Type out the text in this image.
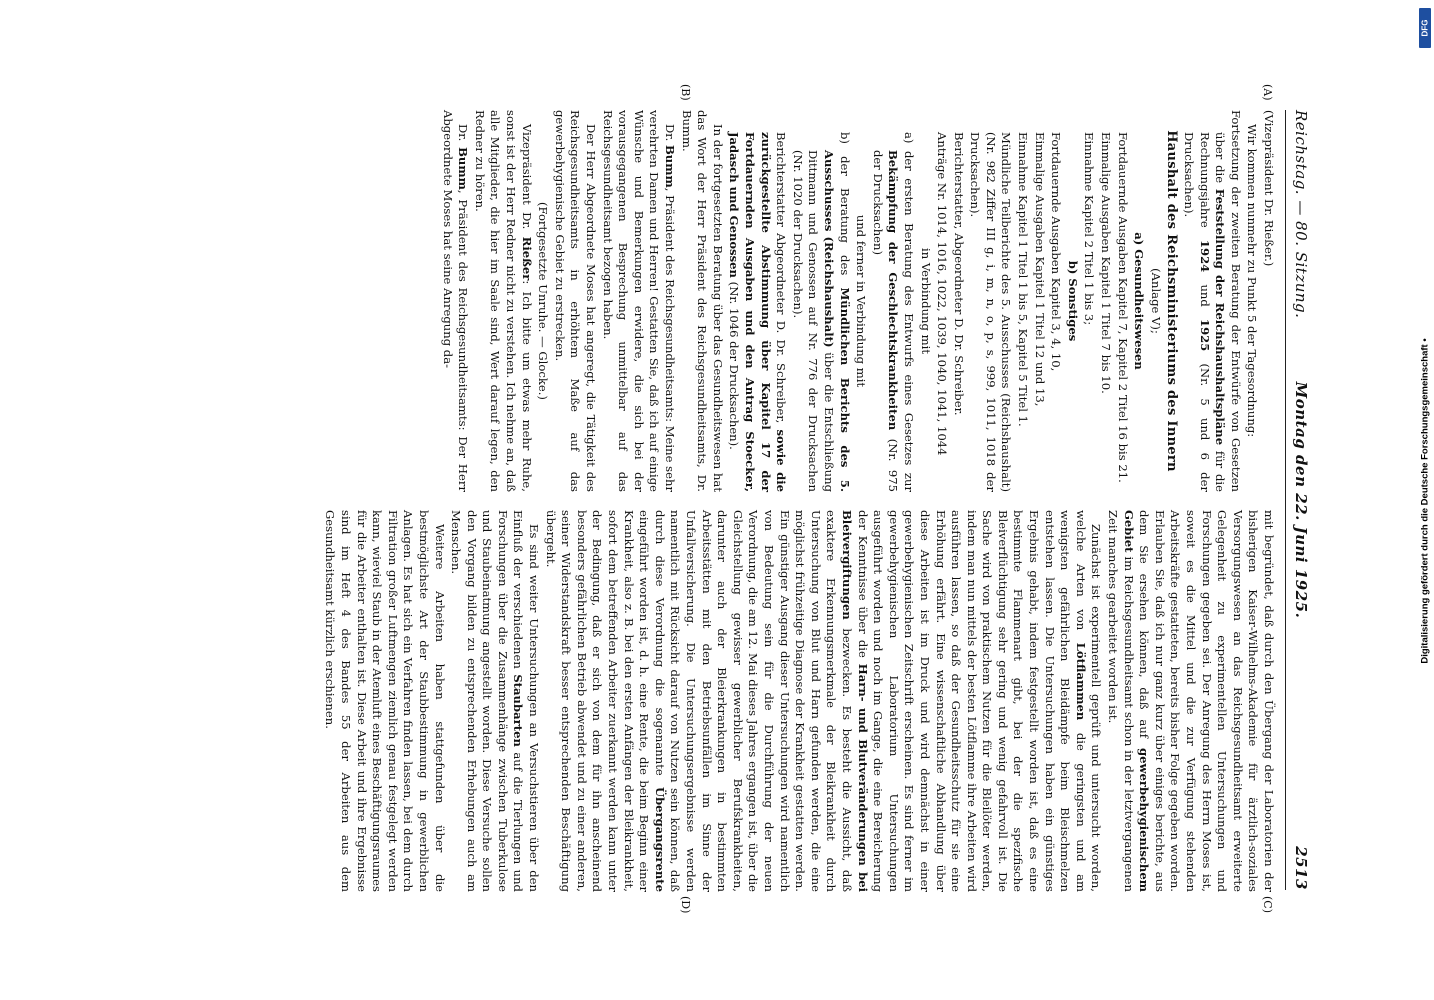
Reichstag. — 80. Sitzung.
Montag den 22. Juni 1925.
2513
(A)
(B)
(C)
(D)

(Vizepräsident Dr. Rießer.)

Wir kommen nunmehr zu Punkt 5 der Tagesordnung:

Fortsetzung der zweiten Beratung der Entwürfe von Gesetzen über die Feststellung der Reichshaushaltspläne für die Rechnungsjahre 1924 und 1925 (Nr. 5 und 6 der Drucksachen).

Haushalt des Reichsministeriums des Innern

(Anlage V);

a) Gesundheitswesen

Fortdauernde Ausgaben Kapitel 7, Kapitel 2 Titel 16 bis 21.

Einmalige Ausgaben Kapitel 1 Titel 7 bis 10.

Einnahme Kapitel 2 Titel 1 bis 3;

b) Sonstiges

Fortdauernde Ausgaben Kapitel 3, 4, 10,

Einmalige Ausgaben Kapitel 1 Titel 12 und 13,

Einnahme Kapitel 1 Titel 1 bis 5, Kapitel 5 Titel 1.

Mündliche Teilberichte des 5. Ausschusses (Reichshaushalt) (Nr. 982 Ziffer III g, i, m, n, o, p, s, 999, 1011, 1018 der Drucksachen).

Berichterstatter, Abgeordneter D. Dr. Schreiber.

Anträge Nr. 1014, 1016, 1022, 1039, 1040, 1041, 1044

in Verbindung mit

a) der ersten Beratung des Entwurfs eines Gesetzes zur Bekämpfung der Geschlechtskrankheiten (Nr. 975 der Drucksachen)

und ferner in Verbindung mit

b) der Beratung des Mündlichen Berichts des 5. Ausschusses (Reichshaushalt) über die Entschließung Dittmann und Genossen auf Nr. 776 der Drucksachen (Nr. 1020 der Drucksachen).

Berichterstatter Abgeordneter D. Dr. Schreiber, sowie die zurückgestellte Abstimmung über Kapitel 17 der Fortdauernden Ausgaben und den Antrag Stoecker, Jadasch und Genossen (Nr. 1046 der Drucksachen).

In der fortgesetzten Beratung über das Gesundheitswesen hat das Wort der Herr Präsident des Reichsgesundheitsamts, Dr. Bumm.

Dr. Bumm, Präsident des Reichsgesundheitsamts: Meine sehr verehrten Damen und Herren! Gestatten Sie, daß ich auf einige Wünsche und Bemerkungen erwidere, die sich bei der vorausgegangenen Besprechung unmittelbar auf das Reichsgesundheitsamt bezogen haben.

Der Herr Abgeordnete Moses hat angeregt, die Tätigkeit des Reichsgesundheitsamts in erhöhtem Maße auf das gewerbehygienische Gebiet zu erstrecken.

(Fortgesetzte Unruhe. — Glocke.)

Vizepräsident Dr. Rießer: Ich bitte um etwas mehr Ruhe, sonst ist der Herr Redner nicht zu verstehen. Ich nehme an, daß alle Mitglieder, die hier im Saale sind, Wert darauf legen, den Redner zu hören.

Dr. Bumm, Präsident des Reichsgesundheitsamts: Der Herr Abgeordnete Moses hat seine Anregung da-

mit begründet, daß durch den Übergang der Laboratorien der bisherigen Kaiser-Wilhelms-Akademie für ärztlich-soziales Versorgungswesen an das Reichsgesundheitsamt erweiterte Gelegenheit zu experimentellen Untersuchungen und Forschungen gegeben sei. Der Anregung des Herrn Moses ist, soweit es die Mittel und die zur Verfügung stehenden Arbeitskräfte gestatteten, bereits bisher Folge gegeben worden. Erlauben Sie, daß ich nur ganz kurz über einiges berichte, aus dem Sie ersehen können, daß auf gewerbehygienischem Gebiet im Reichsgesundheitsamt schon in der letztvergangenen Zeit manches gearbeitet worden ist.

Zunächst ist experimentell geprüft und untersucht worden, welche Arten von Lötflammen die geringsten und am wenigsten gefährlichen Bleidämpfe beim Bleischmelzen entstehen lassen. Die Untersuchungen haben ein günstiges Ergebnis gehabt, indem festgestellt worden ist, daß es eine bestimmte Flammenart gibt, bei der die spezifische Bleiverflüchtigung sehr gering und wenig gefahrvoll ist. Die Sache wird von praktischem Nutzen für die Bleilöter werden, indem man nun mittels der besten Lötflamme ihre Arbeiten wird ausführen lassen, so daß der Gesundheitsschutz für sie eine Erhöhung erfährt. Eine wissenschaftliche Abhandlung über diese Arbeiten ist im Druck und wird demnächst in einer gewerbehygienischen Zeitschrift erscheinen. Es sind ferner im gewerbehygienischen Laboratorium Untersuchungen ausgeführt worden und noch im Gange, die eine Bereicherung der Kenntnisse über die Harn- und Blutveränderungen bei Bleivergiftungen bezwecken. Es besteht die Aussicht, daß exaktere Erkennungsmerkmale der Bleikrankheit durch Untersuchung von Blut und Harn gefunden werden, die eine möglichst frühzeitige Diagnose der Krankheit gestatten werden. Ein günstiger Ausgang dieser Untersuchungen wird namentlich von Bedeutung sein für die Durchführung der neuen Verordnung, die am 12. Mai dieses Jahres ergangen ist, über die Gleichstellung gewisser gewerblicher Berufskrankheiten, darunter auch der Bleierkrankungen in bestimmten Arbeitsstätten mit den Betriebsunfällen im Sinne der Unfallversicherung. Die Untersuchungsergebnisse werden namentlich mit Rücksicht darauf von Nutzen sein können, daß durch diese Verordnung die sogenannte Übergangsrente eingeführt worden ist, d. h. eine Rente, die beim Beginn einer Krankheit, also z. B. bei den ersten Anfängen der Bleikrankheit, sofort dem betreffenden Arbeiter zuerkannt werden kann unter der Bedingung, daß er sich von dem für ihn anscheinend besonders gefährlichen Betrieb abwendet und zu einer anderen, seiner Widerstandskraft besser entsprechenden Beschäftigung übergeht.

Es sind weiter Untersuchungen an Versuchstieren über den Einfluß der verschiedenen Staubarten auf die Tierlungen und Forschungen über die Zusammenhänge zwischen Tuberkulose und Staubeinatmung angestellt worden. Diese Versuche sollen den Vorgang bilden zu entsprechenden Erhebungen auch am Menschen.

Weitere Arbeiten haben stattgefunden über die bestmöglichste Art der Staubbestimmung in gewerblichen Anlagen. Es hat sich ein Verfahren finden lassen, bei dem durch Filtration großer Luftmengen ziemlich genau festgelegt werden kann, wieviel Staub in der Atemluft eines Beschäftigungsraumes für die Arbeiter enthalten ist. Diese Arbeit und ihre Ergebnisse sind im Heft 4 des Bandes 55 der Arbeiten aus dem Gesundheitsamt kürzlich erschienen.

DFG
Digitalisierung gefördert durch die Deutsche Forschungsgemeinschaft •
